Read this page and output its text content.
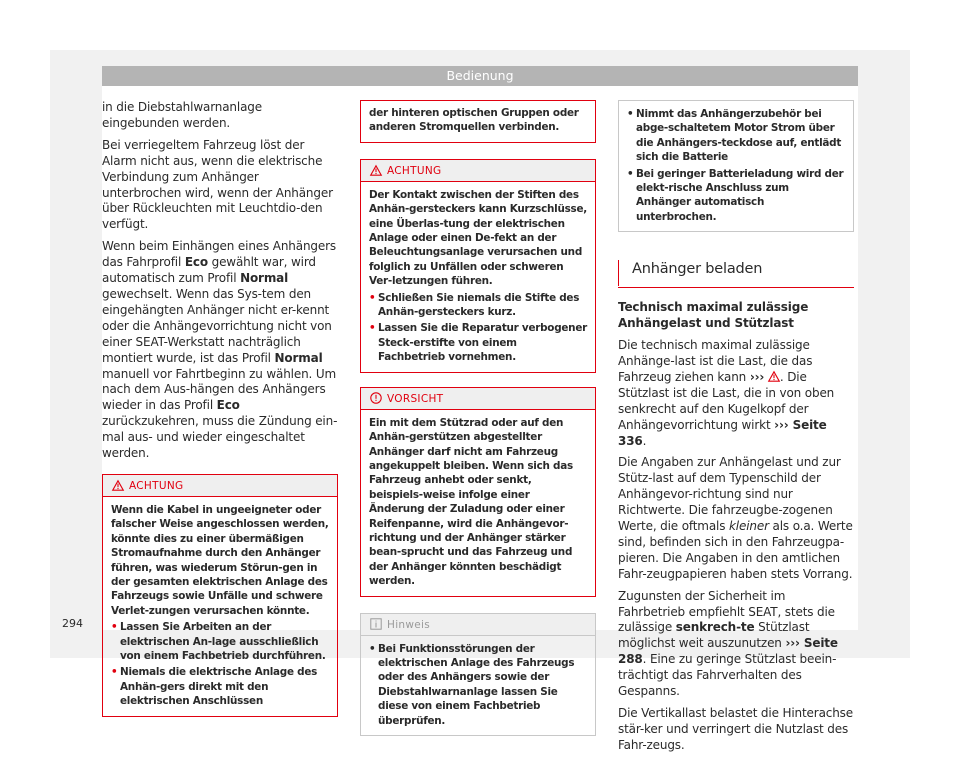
Bedienung

in die Diebstahlwarnanlage eingebunden werden.

Bei verriegeltem Fahrzeug löst der Alarm nicht aus, wenn die elektrische Verbindung zum Anhänger unterbrochen wird, wenn der Anhänger über Rückleuchten mit Leuchtdio-den verfügt.

Wenn beim Einhängen eines Anhängers das Fahrprofil Eco gewählt war, wird automatisch zum Profil Normal gewechselt. Wenn das Sys-tem den eingehängten Anhänger nicht er-kennt oder die Anhängevorrichtung nicht von einer SEAT-Werkstatt nachträglich montiert wurde, ist das Profil Normal manuell vor Fahrtbeginn zu wählen. Um nach dem Aus-hängen des Anhängers wieder in das Profil Eco zurückzukehren, muss die Zündung ein-mal aus- und wieder eingeschaltet werden.

ACHTUNG
Wenn die Kabel in ungeeigneter oder falscher Weise angeschlossen werden, könnte dies zu einer übermäßigen Stromaufnahme durch den Anhänger führen, was wiederum Störun-gen in der gesamten elektrischen Anlage des Fahrzeugs sowie Unfälle und schwere Verlet-zungen verursachen könnte.
• Lassen Sie Arbeiten an der elektrischen An-lage ausschließlich von einem Fachbetrieb durchführen.
• Niemals die elektrische Anlage des Anhän-gers direkt mit den elektrischen Anschlüssen
der hinteren optischen Gruppen oder anderen Stromquellen verbinden.
ACHTUNG
Der Kontakt zwischen der Stiften des Anhän-gersteckers kann Kurzschlüsse, eine Überlas-tung der elektrischen Anlage oder einen De-fekt an der Beleuchtungsanlage verursachen und folglich zu Unfällen oder schweren Ver-letzungen führen.
• Schließen Sie niemals die Stifte des Anhän-gersteckers kurz.
• Lassen Sie die Reparatur verbogener Steck-erstifte von einem Fachbetrieb vornehmen.
VORSICHT
Ein mit dem Stützrad oder auf den Anhän-gerstützen abgestellter Anhänger darf nicht am Fahrzeug angekuppelt bleiben. Wenn sich das Fahrzeug anhebt oder senkt, beispiels-weise infolge einer Änderung der Zuladung oder einer Reifenpanne, wird die Anhängevor-richtung und der Anhänger stärker bean-sprucht und das Fahrzeug und der Anhänger könnten beschädigt werden.
Hinweis
• Bei Funktionsstörungen der elektrischen Anlage des Fahrzeugs oder des Anhängers sowie der Diebstahlwarnanlage lassen Sie diese von einem Fachbetrieb überprüfen.
• Nimmt das Anhängerzubehör bei abge-schaltetem Motor Strom über die Anhängers-teckdose auf, entlädt sich die Batterie
• Bei geringer Batterieladung wird der elekt-rische Anschluss zum Anhänger automatisch unterbrochen.
Anhänger beladen

Technisch maximal zulässige Anhängelast und Stützlast

Die technisch maximal zulässige Anhänge-last ist die Last, die das Fahrzeug ziehen kann ››› . Die Stützlast ist die Last, die in von oben senkrecht auf den Kugelkopf der Anhängevorrichtung wirkt ››› Seite 336.

Die Angaben zur Anhängelast und zur Stütz-last auf dem Typenschild der Anhängevor-richtung sind nur Richtwerte. Die fahrzeugbe-zogenen Werte, die oftmals kleiner als o.a. Werte sind, befinden sich in den Fahrzeugpa-pieren. Die Angaben in den amtlichen Fahr-zeugpapieren haben stets Vorrang.

Zugunsten der Sicherheit im Fahrbetrieb empfiehlt SEAT, stets die zulässige senkrech-te Stützlast möglichst weit auszunutzen ››› Seite 288. Eine zu geringe Stützlast beein-trächtigt das Fahrverhalten des Gespanns.

Die Vertikallast belastet die Hinterachse stär-ker und verringert die Nutzlast des Fahr-zeugs.

294
